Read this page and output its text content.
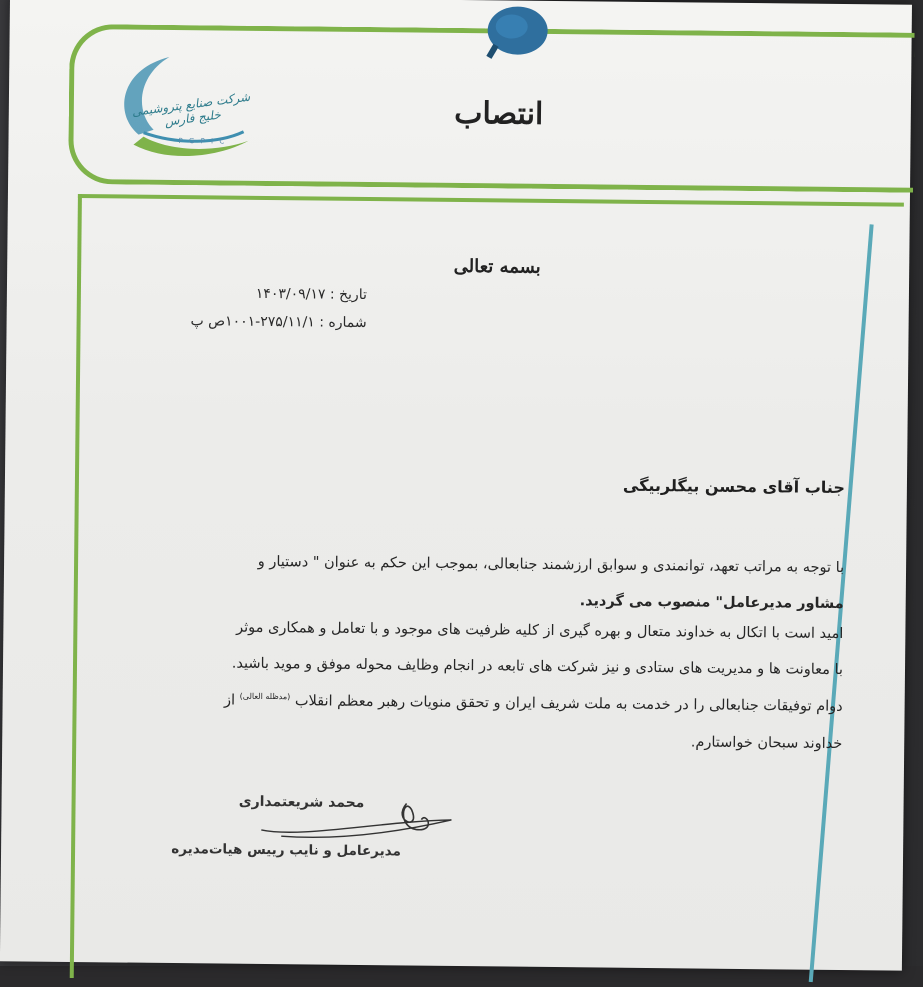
شرکت صنایع پتروشیمی خلیج فارس
P G P I C
انتصاب
بسمه تعالی
تاریخ : ۱۴۰۳/۰۹/۱۷
شماره : ۲۷۵/۱۱/۱-۱۰۰۱ص پ
جناب آقای محسن بیگلربیگی
با توجه به مراتب تعهد، توانمندی و سوابق ارزشمند جنابعالی، بموجب این حکم به عنوان " دستیار و
مشاور مدیرعامل" منصوب می گردید.
امید است با اتکال به خداوند متعال و بهره گیری از کلیه ظرفیت های موجود و با تعامل و همکاری موثر
با معاونت ها و مدیریت های ستادی و نیز شرکت های تابعه در انجام وظایف محوله موفق و موید باشید.
دوام توفیقات جنابعالی را در خدمت به ملت شریف ایران و تحقق منویات رهبر معظم انقلاب $^{(مدظله العالی)}$ از
خداوند سبحان خواستارم.
محمد شریعتمداری
مدیرعامل و نایب رییس هیات‌مدیره
